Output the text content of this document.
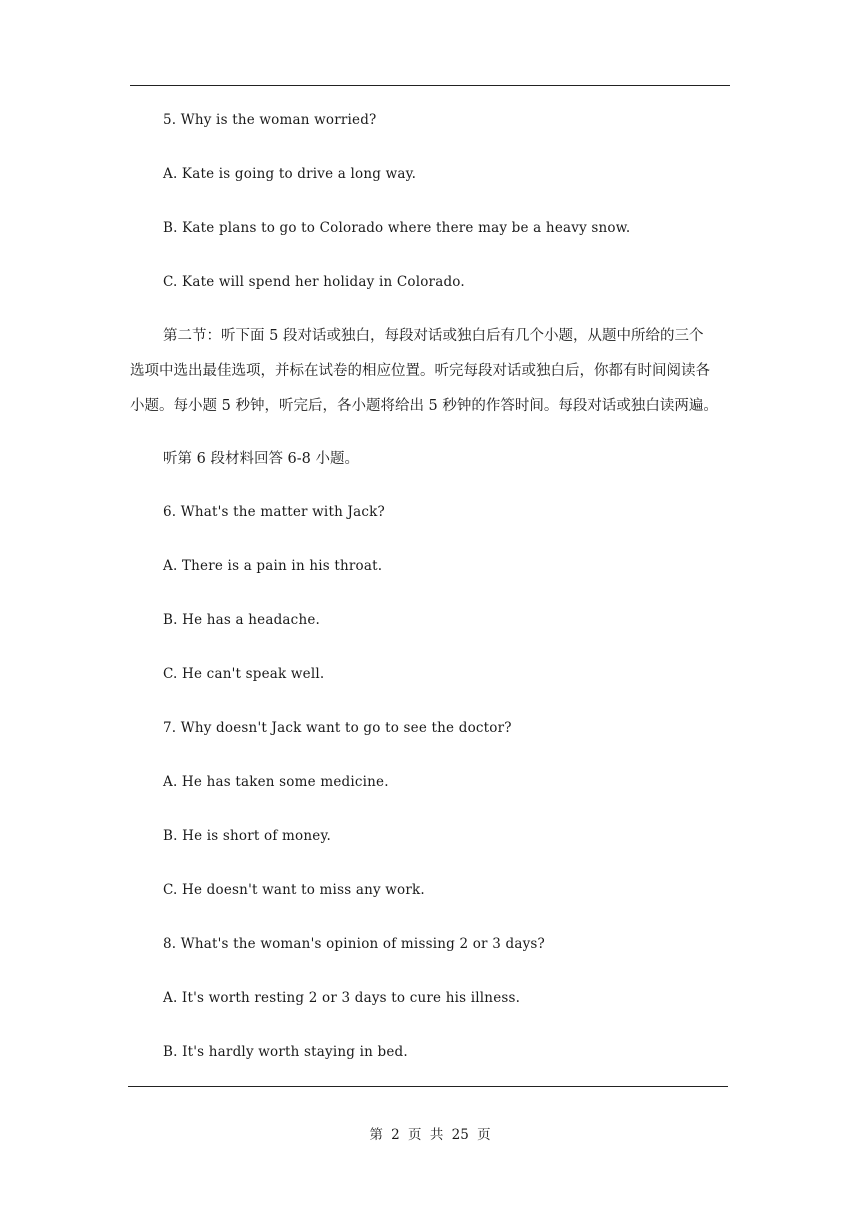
5. Why is the woman worried?
A. Kate is going to drive a long way.
B. Kate plans to go to Colorado where there may be a heavy snow.
C. Kate will spend her holiday in Colorado.
第二节：听下面 5 段对话或独白，每段对话或独白后有几个小题，从题中所给的三个
选项中选出最佳选项，并标在试卷的相应位置。听完每段对话或独白后，你都有时间阅读各
小题。每小题 5 秒钟，听完后，各小题将给出 5 秒钟的作答时间。每段对话或独白读两遍。
听第 6 段材料回答 6-8 小题。
6. What's the matter with Jack?
A. There is a pain in his throat.
B. He has a headache.
C. He can't speak well.
7. Why doesn't Jack want to go to see the doctor?
A. He has taken some medicine.
B. He is short of money.
C. He doesn't want to miss any work.
8. What's the woman's opinion of missing 2 or 3 days?
A. It's worth resting 2 or 3 days to cure his illness.
B. It's hardly worth staying in bed.
第 2 页 共 25 页
